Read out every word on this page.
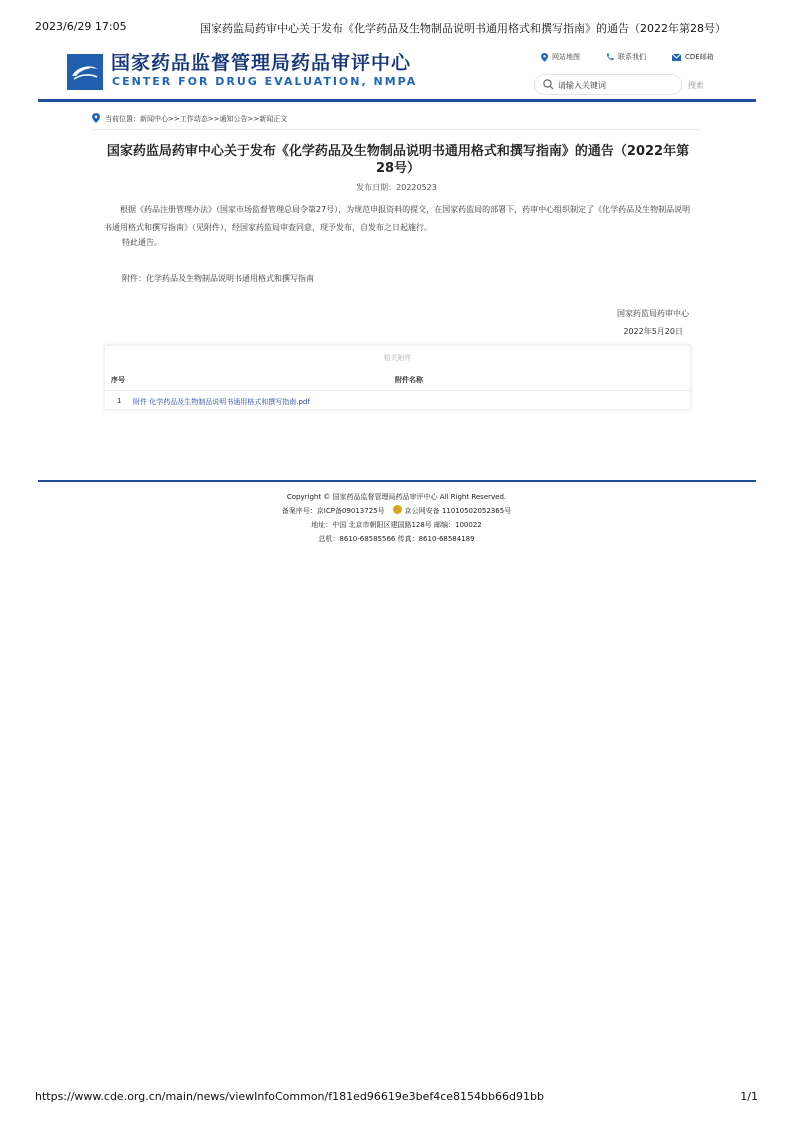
2023/6/29 17:05	国家药监局药审中心关于发布《化学药品及生物制品说明书通用格式和撰写指南》的通告（2022年第28号）
国家药品监督管理局药品审评中心
CENTER FOR DRUG EVALUATION, NMPA
网站地图	联系我们	CDE邮箱
请输入关键词	搜索
当前位置：新闻中心>>工作动态>>通知公告>>新闻正文
国家药监局药审中心关于发布《化学药品及生物制品说明书通用格式和撰写指南》的通告（2022年第28号）
发布日期：20220523

根据《药品注册管理办法》（国家市场监督管理总局令第27号），为规范申报资料的提交，在国家药监局的部署下，药审中心组织制定了《化学药品及生物制品说明书通用格式和撰写指南》（见附件），经国家药监局审查同意，现予发布，自发布之日起施行。

特此通告。

附件：化学药品及生物制品说明书通用格式和撰写指南

国家药监局药审中心
2022年5月20日
相关附件
序号	附件名称
1 附件 化学药品及生物制品说明书通用格式和撰写指南.pdf
Copyright © 国家药品监督管理局药品审评中心 All Right Reserved.
备案序号：京ICP备09013725号	京公网安备 11010502052365号
地址：中国 北京市朝阳区建国路128号 邮编：100022
总机：8610-68585566 传真：8610-68584189
https://www.cde.org.cn/main/news/viewInfoCommon/f181ed96619e3bef4ce8154bb66d91bb	1/1
